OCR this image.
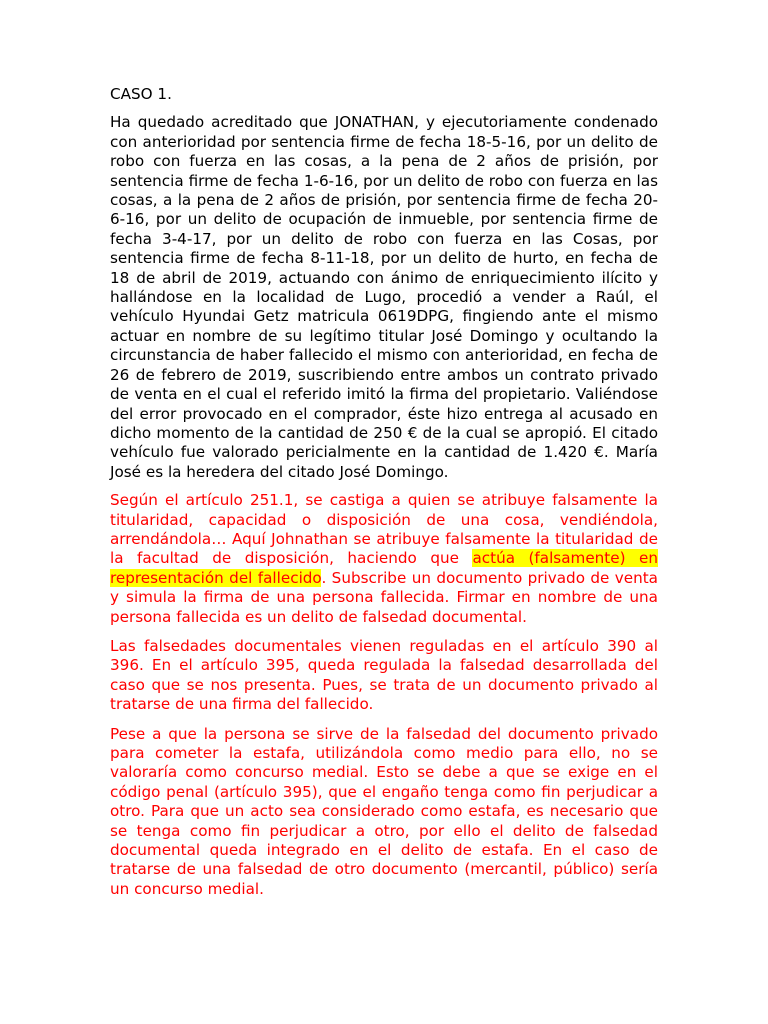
CASO 1.

Ha quedado acreditado que JONATHAN, y ejecutoriamente condenado con anterioridad por sentencia firme de fecha 18-5-16, por un delito de robo con fuerza en las cosas, a la pena de 2 años de prisión, por sentencia firme de fecha 1-6-16, por un delito de robo con fuerza en las cosas, a la pena de 2 años de prisión, por sentencia firme de fecha 20-6-16, por un delito de ocupación de inmueble, por sentencia firme de fecha 3-4-17, por un delito de robo con fuerza en las Cosas, por sentencia firme de fecha 8-11-18, por un delito de hurto, en fecha de 18 de abril de 2019, actuando con ánimo de enriquecimiento ilícito y hallándose en la localidad de Lugo, procedió a vender a Raúl, el vehículo Hyundai Getz matricula 0619DPG, fingiendo ante el mismo actuar en nombre de su legítimo titular José Domingo y ocultando la circunstancia de haber fallecido el mismo con anterioridad, en fecha de 26 de febrero de 2019, suscribiendo entre ambos un contrato privado de venta en el cual el referido imitó la firma del propietario. Valiéndose del error provocado en el comprador, éste hizo entrega al acusado en dicho momento de la cantidad de 250 € de la cual se apropió. El citado vehículo fue valorado pericialmente en la cantidad de 1.420 €. María José es la heredera del citado José Domingo.

Según el artículo 251.1, se castiga a quien se atribuye falsamente la titularidad, capacidad o disposición de una cosa, vendiéndola, arrendándola… Aquí Johnathan se atribuye falsamente la titularidad de la facultad de disposición, haciendo que actúa (falsamente) en representación del fallecido. Subscribe un documento privado de venta y simula la firma de una persona fallecida. Firmar en nombre de una persona fallecida es un delito de falsedad documental.

Las falsedades documentales vienen reguladas en el artículo 390 al 396. En el artículo 395, queda regulada la falsedad desarrollada del caso que se nos presenta. Pues, se trata de un documento privado al tratarse de una firma del fallecido.

Pese a que la persona se sirve de la falsedad del documento privado para cometer la estafa, utilizándola como medio para ello, no se valoraría como concurso medial. Esto se debe a que se exige en el código penal (artículo 395), que el engaño tenga como fin perjudicar a otro. Para que un acto sea considerado como estafa, es necesario que se tenga como fin perjudicar a otro, por ello el delito de falsedad documental queda integrado en el delito de estafa. En el caso de tratarse de una falsedad de otro documento (mercantil, público) sería un concurso medial.
